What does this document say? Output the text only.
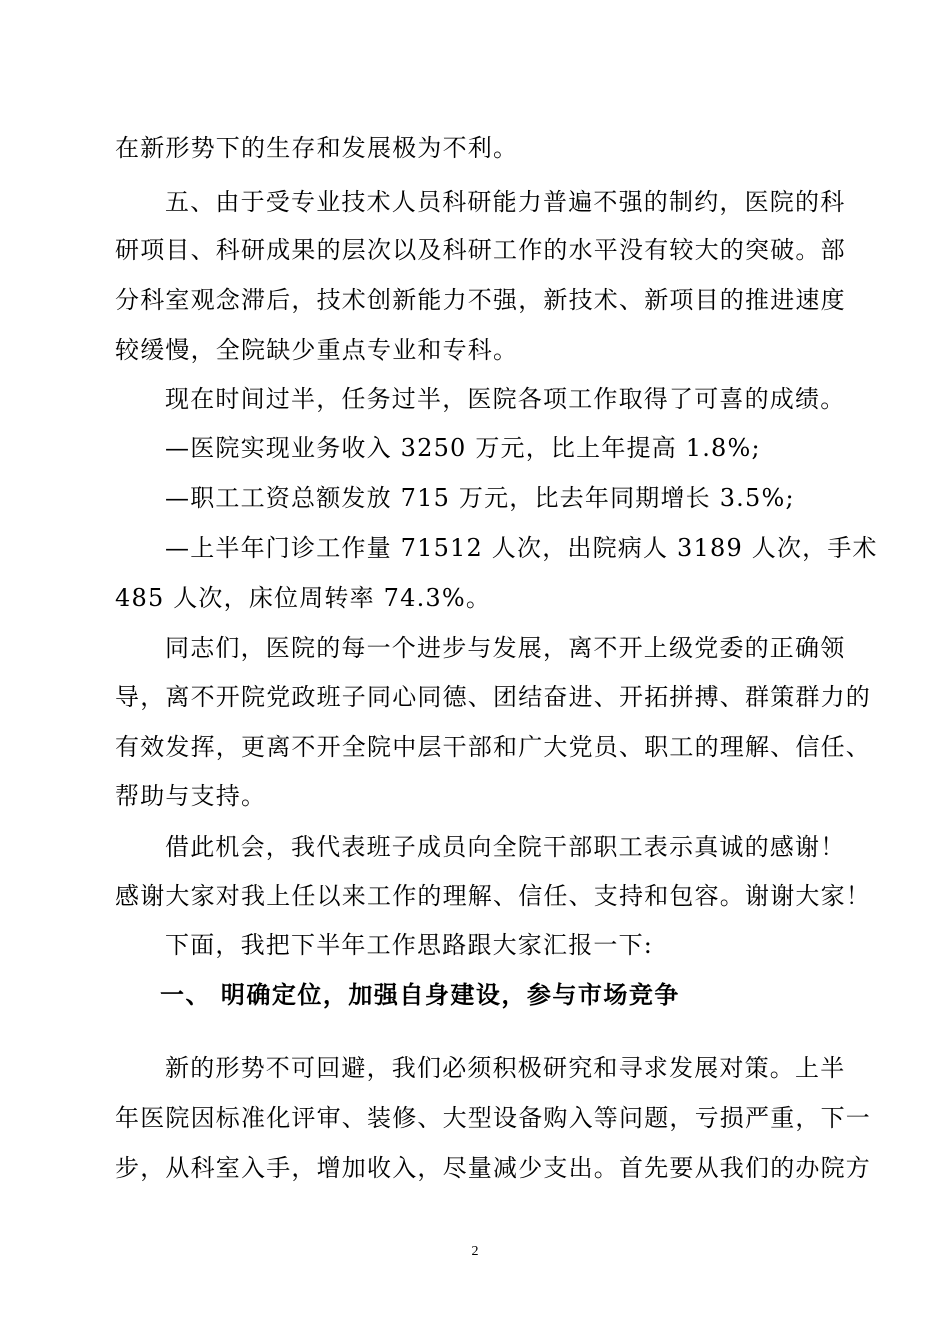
在新形势下的生存和发展极为不利。
五、由于受专业技术人员科研能力普遍不强的制约，医院的科
研项目、科研成果的层次以及科研工作的水平没有较大的突破。部
分科室观念滞后，技术创新能力不强，新技术、新项目的推进速度
较缓慢，全院缺少重点专业和专科。
现在时间过半，任务过半，医院各项工作取得了可喜的成绩。
—医院实现业务收入 3250 万元，比上年提高 1.8%;
—职工工资总额发放 715 万元，比去年同期增长 3.5%;
—上半年门诊工作量 71512 人次，出院病人 3189 人次，手术
485 人次，床位周转率 74.3%。
同志们，医院的每一个进步与发展，离不开上级党委的正确领
导，离不开院党政班子同心同德、团结奋进、开拓拼搏、群策群力的
有效发挥，更离不开全院中层干部和广大党员、职工的理解、信任、
帮助与支持。
借此机会，我代表班子成员向全院干部职工表示真诚的感谢！
感谢大家对我上任以来工作的理解、信任、支持和包容。谢谢大家！
下面，我把下半年工作思路跟大家汇报一下:
一、 明确定位，加强自身建设，参与市场竞争
新的形势不可回避，我们必须积极研究和寻求发展对策。上半
年医院因标准化评审、装修、大型设备购入等问题，亏损严重，下一
步，从科室入手，增加收入，尽量减少支出。首先要从我们的办院方
2
